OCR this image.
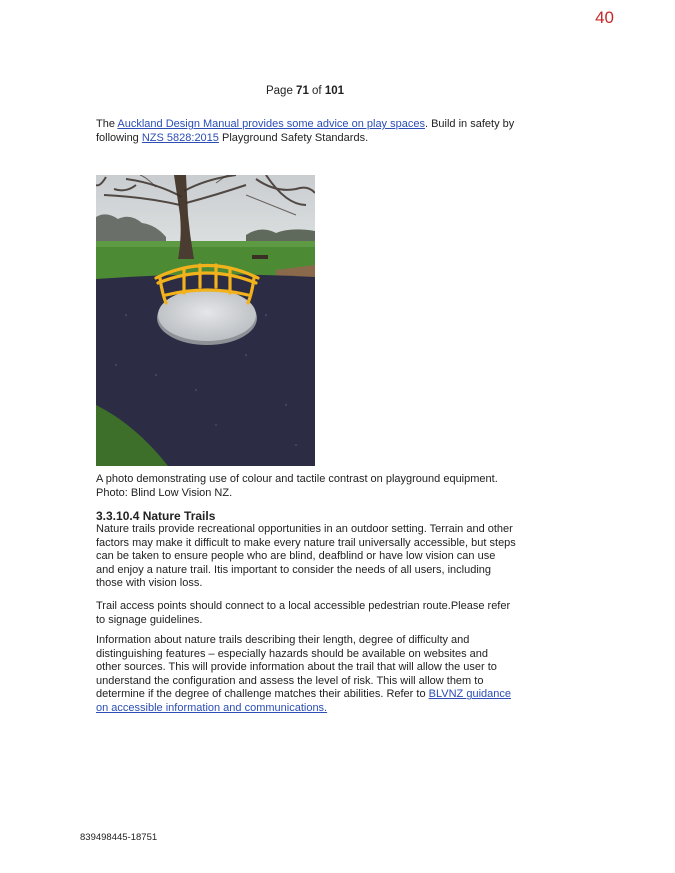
40
Page 71 of 101
The Auckland Design Manual provides some advice on play spaces. Build in safety by following NZS 5828:2015 Playground Safety Standards.
A photo demonstrating use of colour and tactile contrast on playground equipment.
Photo: Blind Low Vision NZ.
3.3.10.4 Nature Trails
Nature trails provide recreational opportunities in an outdoor setting. Terrain and other factors may make it difficult to make every nature trail universally accessible, but steps can be taken to ensure people who are blind, deafblind or have low vision can use and enjoy a nature trail. Itis important to consider the needs of all users, including those with vision loss.
Trail access points should connect to a local accessible pedestrian route.Please refer to signage guidelines.
Information about nature trails describing their length, degree of difficulty and distinguishing features – especially hazards should be available on websites and other sources. This will provide information about the trail that will allow the user to understand the configuration and assess the level of risk. This will allow them to determine if the degree of challenge matches their abilities. Refer to BLVNZ guidance on accessible information and communications.
839498445-18751
